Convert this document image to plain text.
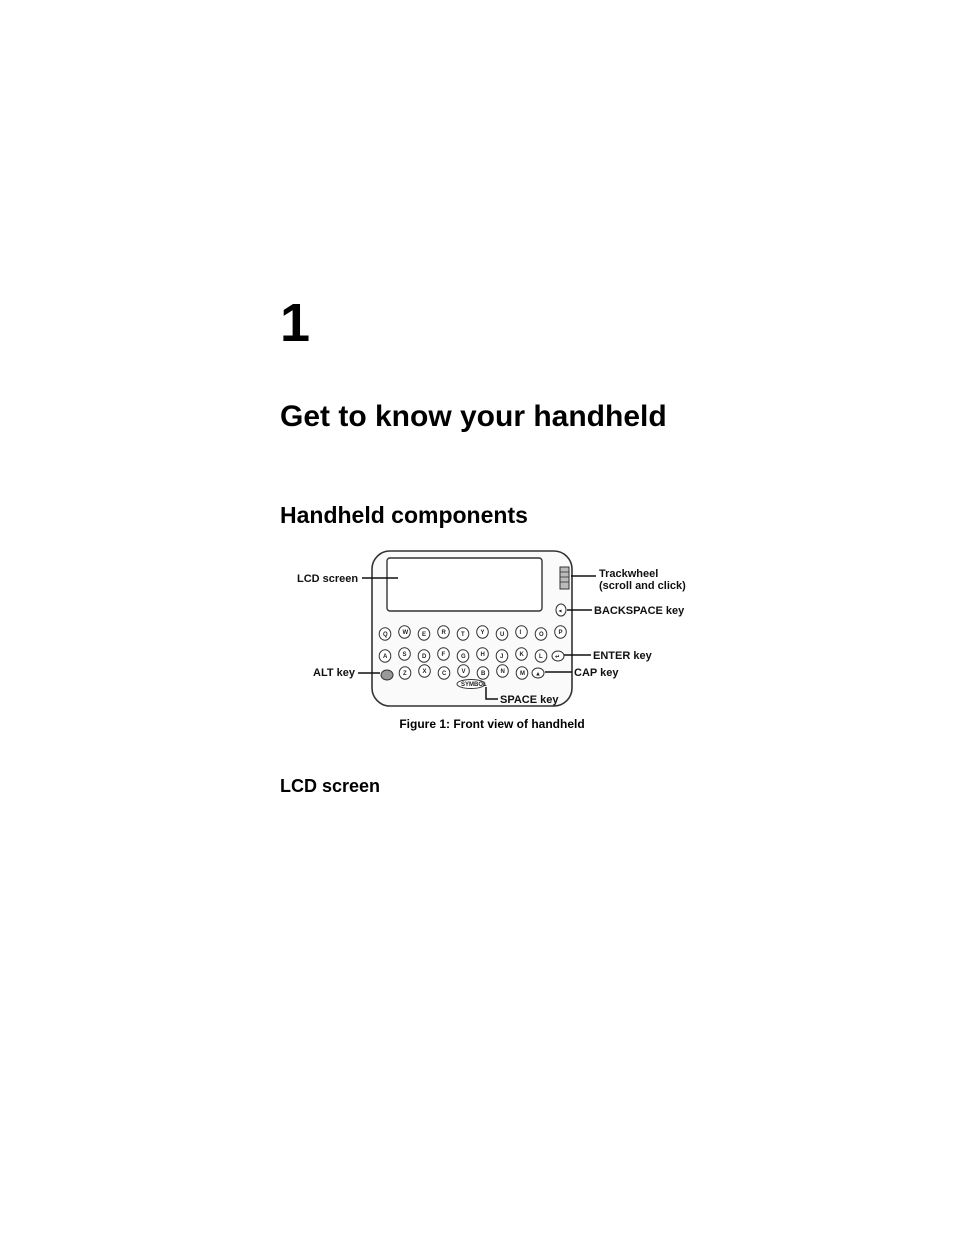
1
Get to know your handheld
Handheld components
◂
Q W E	R	T	Y	U	I	O P
A	S	D	F	G H	J	K	L
Z	X	C	V	B	N	M
↵
▲
SYMBOL
LCD screen	Trackwheel
(scroll and click)
BACKSPACE key
ENTER key
CAP key
ALT key
SPACE key
Figure 1: Front view of handheld
LCD screen
